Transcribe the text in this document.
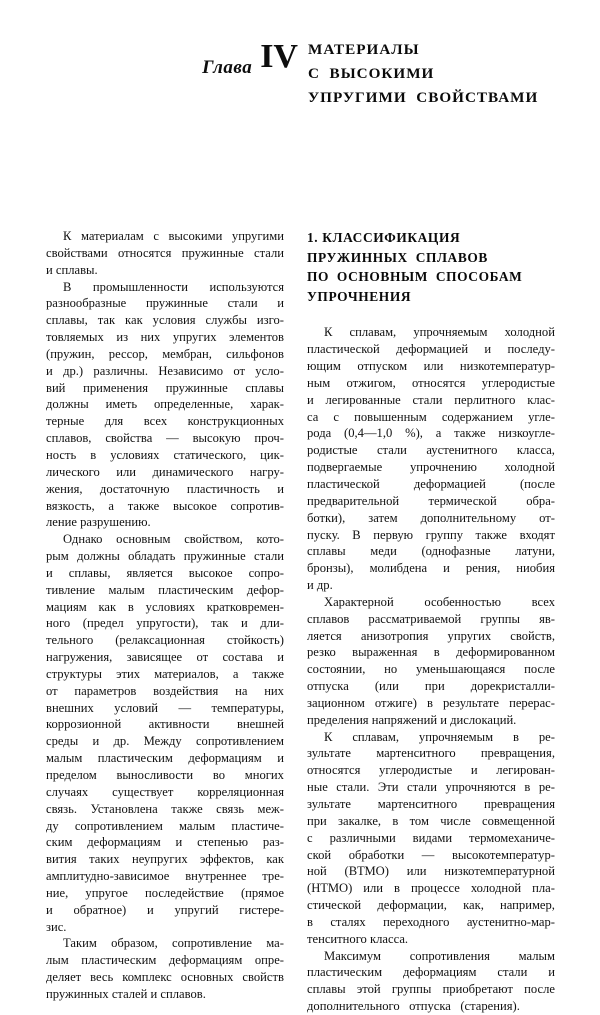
Глава IV МАТЕРИАЛЫ
С  ВЫСОКИМИ
УПРУГИМИ  СВОЙСТВАМИ
К материалам с высокими упругими
свойствами относятся пружинные стали
и сплавы.
В промышленности используются
разнообразные пружинные стали и
сплавы, так как условия службы изго-
товляемых из них упругих элементов
(пружин, рессор, мембран, сильфонов
и др.) различны. Независимо от усло-
вий применения пружинные сплавы
должны иметь определенные, харак-
терные для всех конструкционных
сплавов, свойства — высокую проч-
ность в условиях статического, цик-
лического или динамического нагру-
жения, достаточную пластичность и
вязкость, а также высокое сопротив-
ление разрушению.
Однако основным свойством, кото-
рым должны обладать пружинные стали
и сплавы, является высокое сопро-
тивление малым пластическим дефор-
мациям как в условиях кратковремен-
ного (предел упругости), так и дли-
тельного (релаксационная стойкость)
нагружения, зависящее от состава и
структуры этих материалов, а также
от параметров воздействия на них
внешних условий — температуры,
коррозионной активности внешней
среды и др. Между сопротивлением
малым пластическим деформациям и
пределом выносливости во многих
случаях существует корреляционная
связь. Установлена также связь меж-
ду сопротивлением малым пластиче-
ским деформациям и степенью раз-
вития таких неупругих эффектов, как
амплитудно-зависимое внутреннее тре-
ние, упругое последействие (прямое
и обратное) и упругий гистере-
зис.
Таким образом, сопротивление ма-
лым пластическим деформациям опре-
деляет весь комплекс основных свойств
пружинных сталей и сплавов.
1. КЛАССИФИКАЦИЯ
ПРУЖИННЫХ  СПЛАВОВ
ПО  ОСНОВНЫМ  СПОСОБАМ
УПРОЧНЕНИЯ
К сплавам, упрочняемым холодной
пластической деформацией и последу-
ющим отпуском или низкотемператур-
ным отжигом, относятся углеродистые
и легированные стали перлитного клас-
са с повышенным содержанием угле-
рода (0,4—1,0 %), а также низкоугле-
родистые стали аустенитного класса,
подвергаемые упрочнению холодной
пластической	деформацией	(после
предварительной термической обра-
ботки), затем дополнительному от-
пуску. В первую группу также входят
сплавы меди (однофазные латуни,
бронзы), молибдена и рения, ниобия
и др.
Характерной особенностью всех
сплавов рассматриваемой группы яв-
ляется анизотропия упругих свойств,
резко выраженная в деформированном
состоянии, но уменьшающаяся после
отпуска (или при дорекристалли-
зационном отжиге) в результате перерас-
пределения напряжений и дислокаций.
К сплавам, упрочняемым в ре-
зультате мартенситного превращения,
относятся углеродистые и легирован-
ные стали. Эти стали упрочняются в ре-
зультате мартенситного превращения
при закалке, в том числе совмещенной
с различными видами термомеханиче-
ской обработки — высокотемператур-
ной (ВТМО) или низкотемпературной
(НТМО) или в процессе холодной пла-
стической деформации, как, например,
в сталях переходного аустенитно-мар-
тенситного класса.
Максимум сопротивления малым
пластическим деформациям стали и
сплавы этой группы приобретают после
дополнительного   отпуска   (старения).
